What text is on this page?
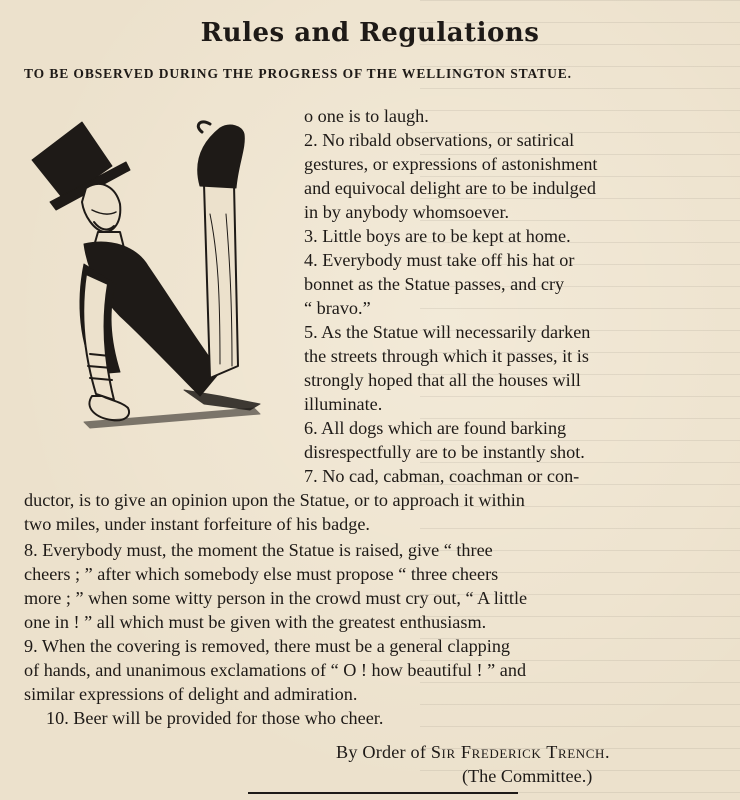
Rules and Regulations
TO BE OBSERVED DURING THE PROGRESS OF THE WELLINGTON STATUE.
o one is to laugh.
2. No ribald observations, or satirical
gestures, or expressions of astonishment
and equivocal delight are to be indulged
in by anybody whomsoever.
3. Little boys are to be kept at home.
4. Everybody must take off his hat or
bonnet as the Statue passes, and cry
“ bravo.”
5. As the Statue will necessarily darken
the streets through which it passes, it is
strongly hoped that all the houses will
illuminate.
6. All dogs which are found barking
disrespectfully are to be instantly shot.
7. No cad, cabman, coachman or con-
ductor, is to give an opinion upon the Statue, or to approach it within
two miles, under instant forfeiture of his badge.
8. Everybody must, the moment the Statue is raised, give “ three
cheers ; ” after which somebody else must propose “ three cheers
more ; ” when some witty person in the crowd must cry out, “ A little
one in ! ” all which must be given with the greatest enthusiasm.
9. When the covering is removed, there must be a general clapping
of hands, and unanimous exclamations of “ O ! how beautiful ! ” and
similar expressions of delight and admiration.
10. Beer will be provided for those who cheer.
By Order of Sir Frederick Trench.
(The Committee.)
